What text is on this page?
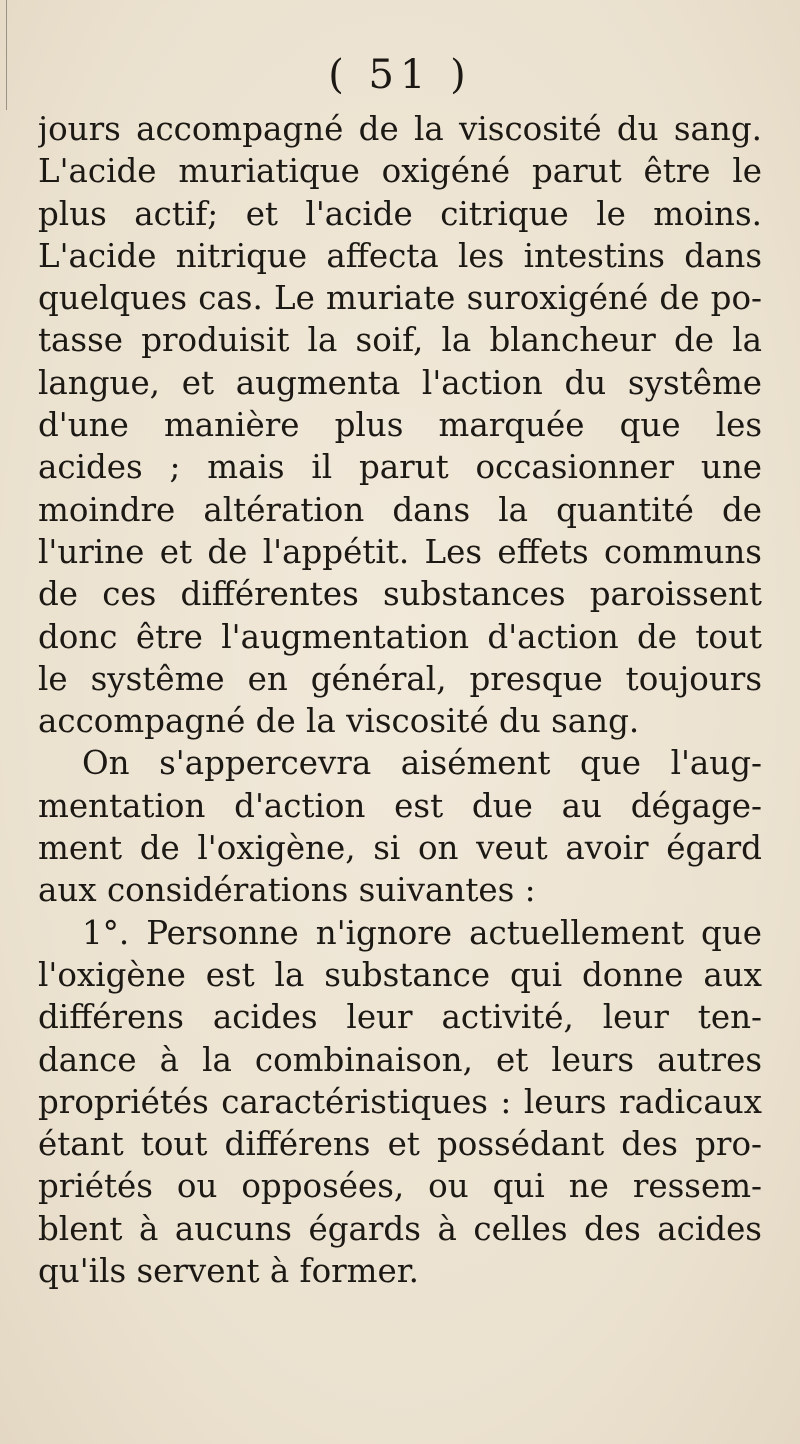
( 51 )
jours accompagné de la viscosité du sang.
L'acide muriatique oxigéné parut être le
plus actif; et l'acide citrique le moins.
L'acide nitrique affecta les intestins dans
quelques cas. Le muriate suroxigéné de po-
tasse produisit la soif, la blancheur de la
langue, et augmenta l'action du systême
d'une manière plus marquée que les
acides ; mais il parut occasionner une
moindre altération dans la quantité de
l'urine et de l'appétit. Les effets communs
de ces différentes substances paroissent
donc être l'augmentation d'action de tout
le systême en général, presque toujours
accompagné de la viscosité du sang.
On s'appercevra aisément que l'aug-
mentation d'action est due au dégage-
ment de l'oxigène, si on veut avoir égard
aux considérations suivantes :
1°. Personne n'ignore actuellement que
l'oxigène est la substance qui donne aux
différens acides leur activité, leur ten-
dance à la combinaison, et leurs autres
propriétés caractéristiques : leurs radicaux
étant tout différens et possédant des pro-
priétés ou opposées, ou qui ne ressem-
blent à aucuns égards à celles des acides
qu'ils servent à former.
